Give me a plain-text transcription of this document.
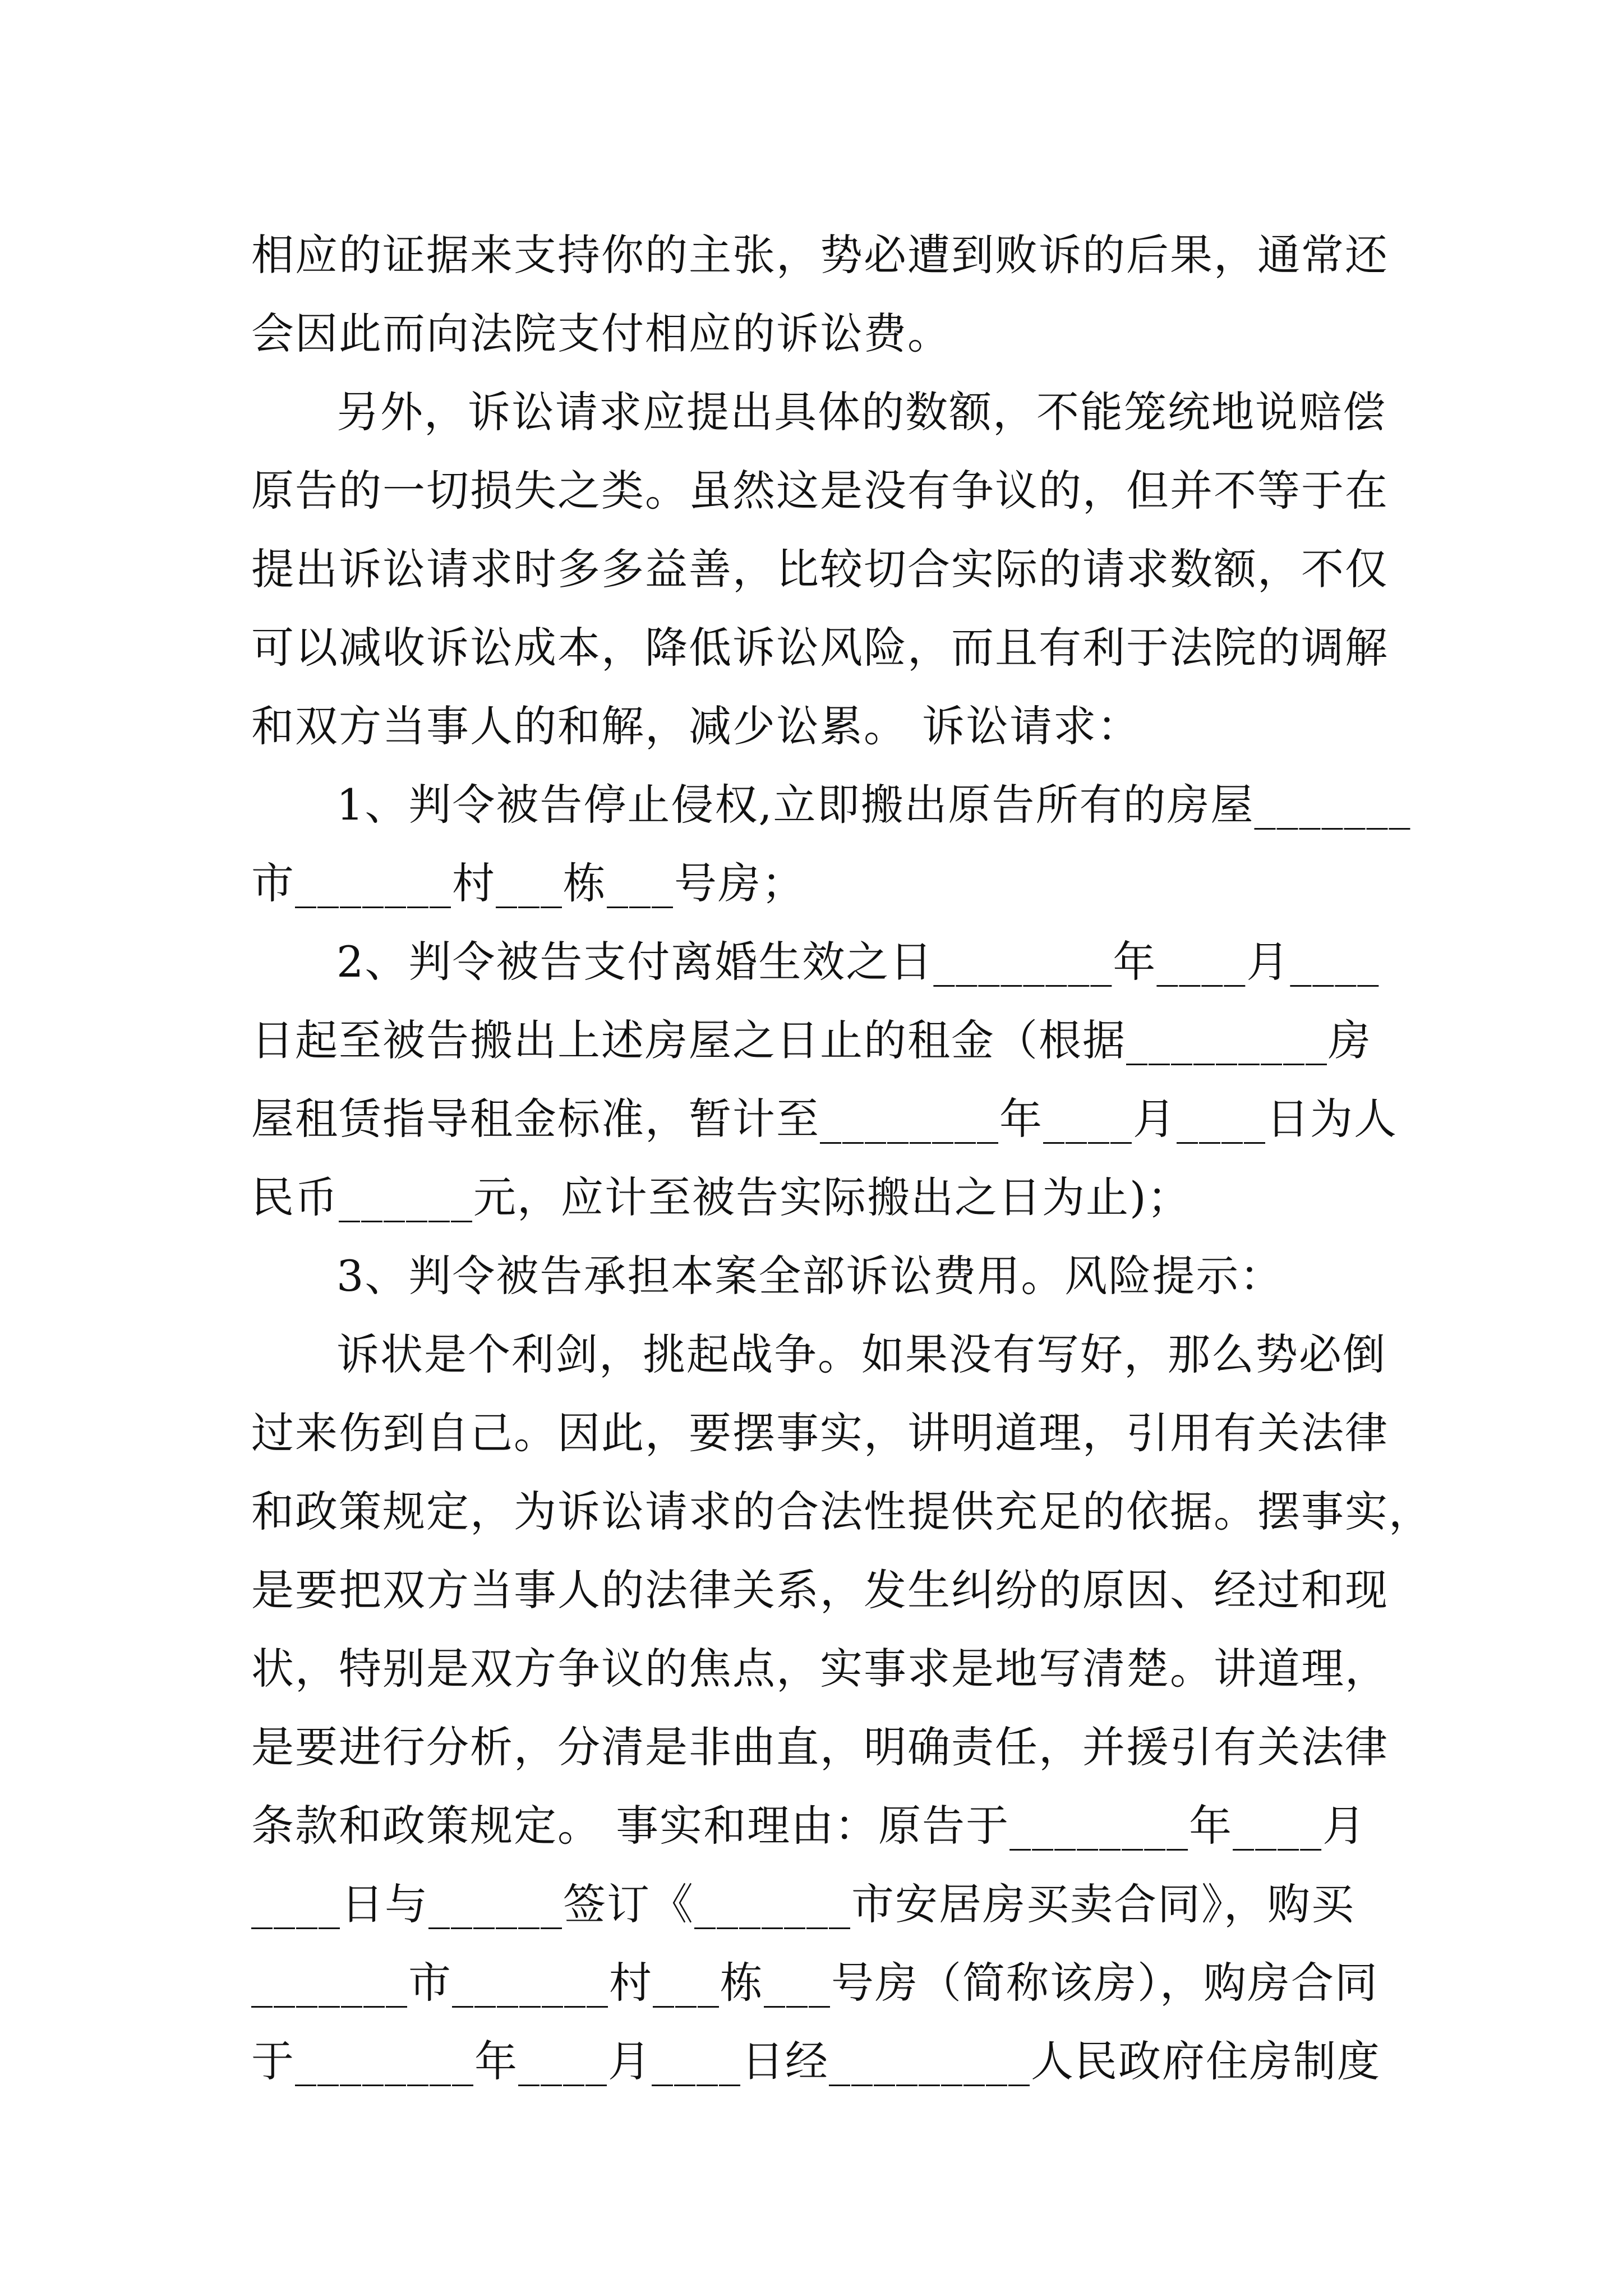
相应的证据来支持你的主张，势必遭到败诉的后果，通常还
会因此而向法院支付相应的诉讼费。
另外，诉讼请求应提出具体的数额，不能笼统地说赔偿
原告的一切损失之类。虽然这是没有争议的，但并不等于在
提出诉讼请求时多多益善，比较切合实际的请求数额，不仅
可以减收诉讼成本，降低诉讼风险，而且有利于法院的调解
和双方当事人的和解，减少讼累。 诉讼请求：
1、判令被告停止侵权,立即搬出原告所有的房屋_______
市_______村___栋___号房；
2、判令被告支付离婚生效之日________年____月____
日起至被告搬出上述房屋之日止的租金（根据_________房
屋租赁指导租金标准，暂计至________年____月____日为人
民币______元，应计至被告实际搬出之日为止)；
3、判令被告承担本案全部诉讼费用。风险提示：
诉状是个利剑，挑起战争。如果没有写好，那么势必倒
过来伤到自己。因此，要摆事实，讲明道理，引用有关法律
和政策规定，为诉讼请求的合法性提供充足的依据。摆事实，
是要把双方当事人的法律关系，发生纠纷的原因、经过和现
状，特别是双方争议的焦点，实事求是地写清楚。讲道理，
是要进行分析，分清是非曲直，明确责任，并援引有关法律
条款和政策规定。 事实和理由：原告于________年____月
____日与______签订《_______市安居房买卖合同》，购买
_______市_______村___栋___号房（简称该房），购房合同
于________年____月____日经_________人民政府住房制度
